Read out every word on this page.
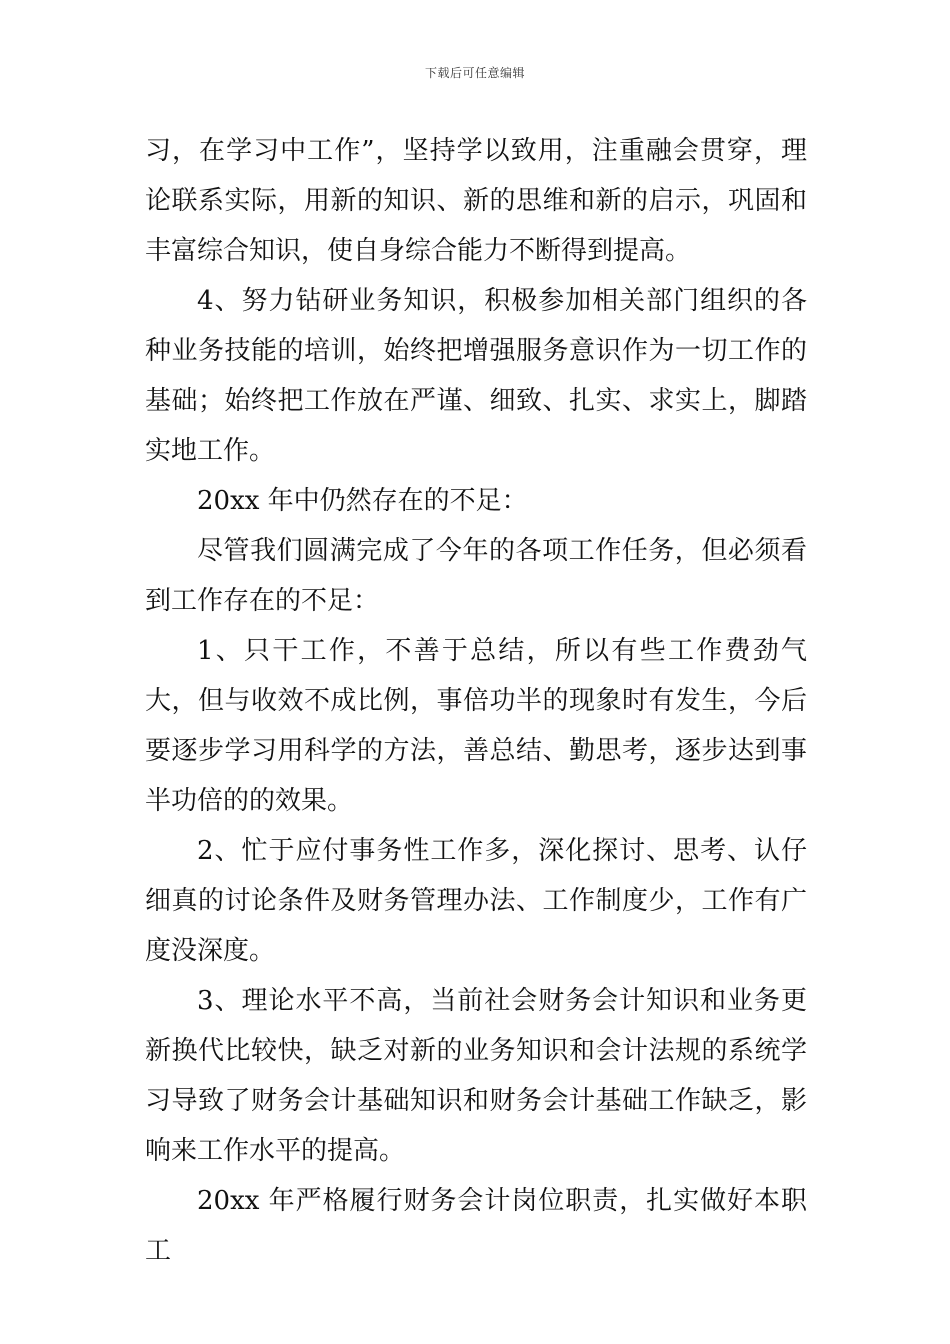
下载后可任意编辑

习，在学习中工作”，坚持学以致用，注重融会贯穿，理论联系实际，用新的知识、新的思维和新的启示，巩固和丰富综合知识，使自身综合能力不断得到提高。

4、努力钻研业务知识，积极参加相关部门组织的各种业务技能的培训，始终把增强服务意识作为一切工作的基础；始终把工作放在严谨、细致、扎实、求实上，脚踏实地工作。

20xx 年中仍然存在的不足：

尽管我们圆满完成了今年的各项工作任务，但必须看到工作存在的不足：

1、只干工作，不善于总结，所以有些工作费劲气大，但与收效不成比例，事倍功半的现象时有发生，今后要逐步学习用科学的方法，善总结、勤思考，逐步达到事半功倍的的效果。

2、忙于应付事务性工作多，深化探讨、思考、认仔细真的讨论条件及财务管理办法、工作制度少，工作有广度没深度。

3、理论水平不高，当前社会财务会计知识和业务更新换代比较快，缺乏对新的业务知识和会计法规的系统学习导致了财务会计基础知识和财务会计基础工作缺乏，影响来工作水平的提高。

20xx 年严格履行财务会计岗位职责，扎实做好本职工
